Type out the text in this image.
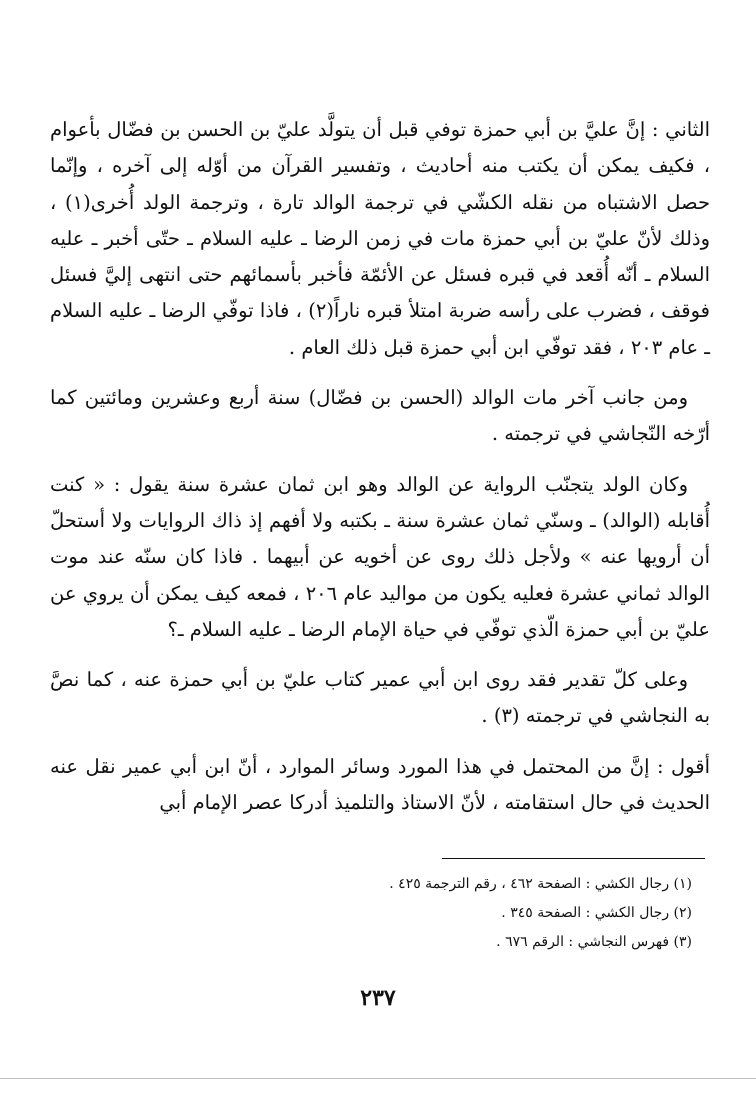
الثاني : إنَّ عليَّ بن أبي حمزة توفي قبل أن يتولَّد عليّ بن الحسن بن فضّال بأعوام ، فكيف يمكن أن يكتب منه أحاديث ، وتفسير القرآن من أوّله إلى آخره ، وإنّما حصل الاشتباه من نقله الكشّي في ترجمة الوالد تارة ، وترجمة الولد أُخرى(١) ، وذلك لأنّ عليّ بن أبي حمزة مات في زمن الرضا ـ عليه السلام ـ حتّى أخبر ـ عليه السلام ـ أنّه أُقعد في قبره فسئل عن الأئمّة فأخبر بأسمائهم حتى انتهى إليَّ فسئل فوقف ، فضرب على رأسه ضربة امتلأ قبره ناراً(٢) ، فاذا توفّي الرضا ـ عليه السلام ـ عام ٢٠٣ ، فقد توفّي ابن أبي حمزة قبل ذلك العام .

ومن جانب آخر مات الوالد (الحسن بن فضّال) سنة أربع وعشرين ومائتين كما أرّخه النّجاشي في ترجمته .

وكان الولد يتجنّب الرواية عن الوالد وهو ابن ثمان عشرة سنة يقول : « كنت أُقابله (الوالد) ـ وسنّي ثمان عشرة سنة ـ بكتبه ولا أفهم إذ ذاك الروايات ولا أستحلّ أن أرويها عنه » ولأجل ذلك روى عن أخويه عن أبيهما . فاذا كان سنّه عند موت الوالد ثماني عشرة فعليه يكون من مواليد عام ٢٠٦ ، فمعه كيف يمكن أن يروي عن عليّ بن أبي حمزة الّذي توفّي في حياة الإمام الرضا ـ عليه السلام ـ؟

وعلى كلّ تقدير فقد روى ابن أبي عمير كتاب عليّ بن أبي حمزة عنه ، كما نصَّ به النجاشي في ترجمته (٣) .

أقول : إنَّ من المحتمل في هذا المورد وسائر الموارد ، أنّ ابن أبي عمير نقل عنه الحديث في حال استقامته ، لأنّ الاستاذ والتلميذ أدركا عصر الإمام أبي

(١) رجال الكشي : الصفحة ٤٦٢ ، رقم الترجمة ٤٢٥ .

(٢) رجال الكشي : الصفحة ٣٤٥ .

(٣) فهرس النجاشي : الرقم ٦٧٦ .

٢٣٧
